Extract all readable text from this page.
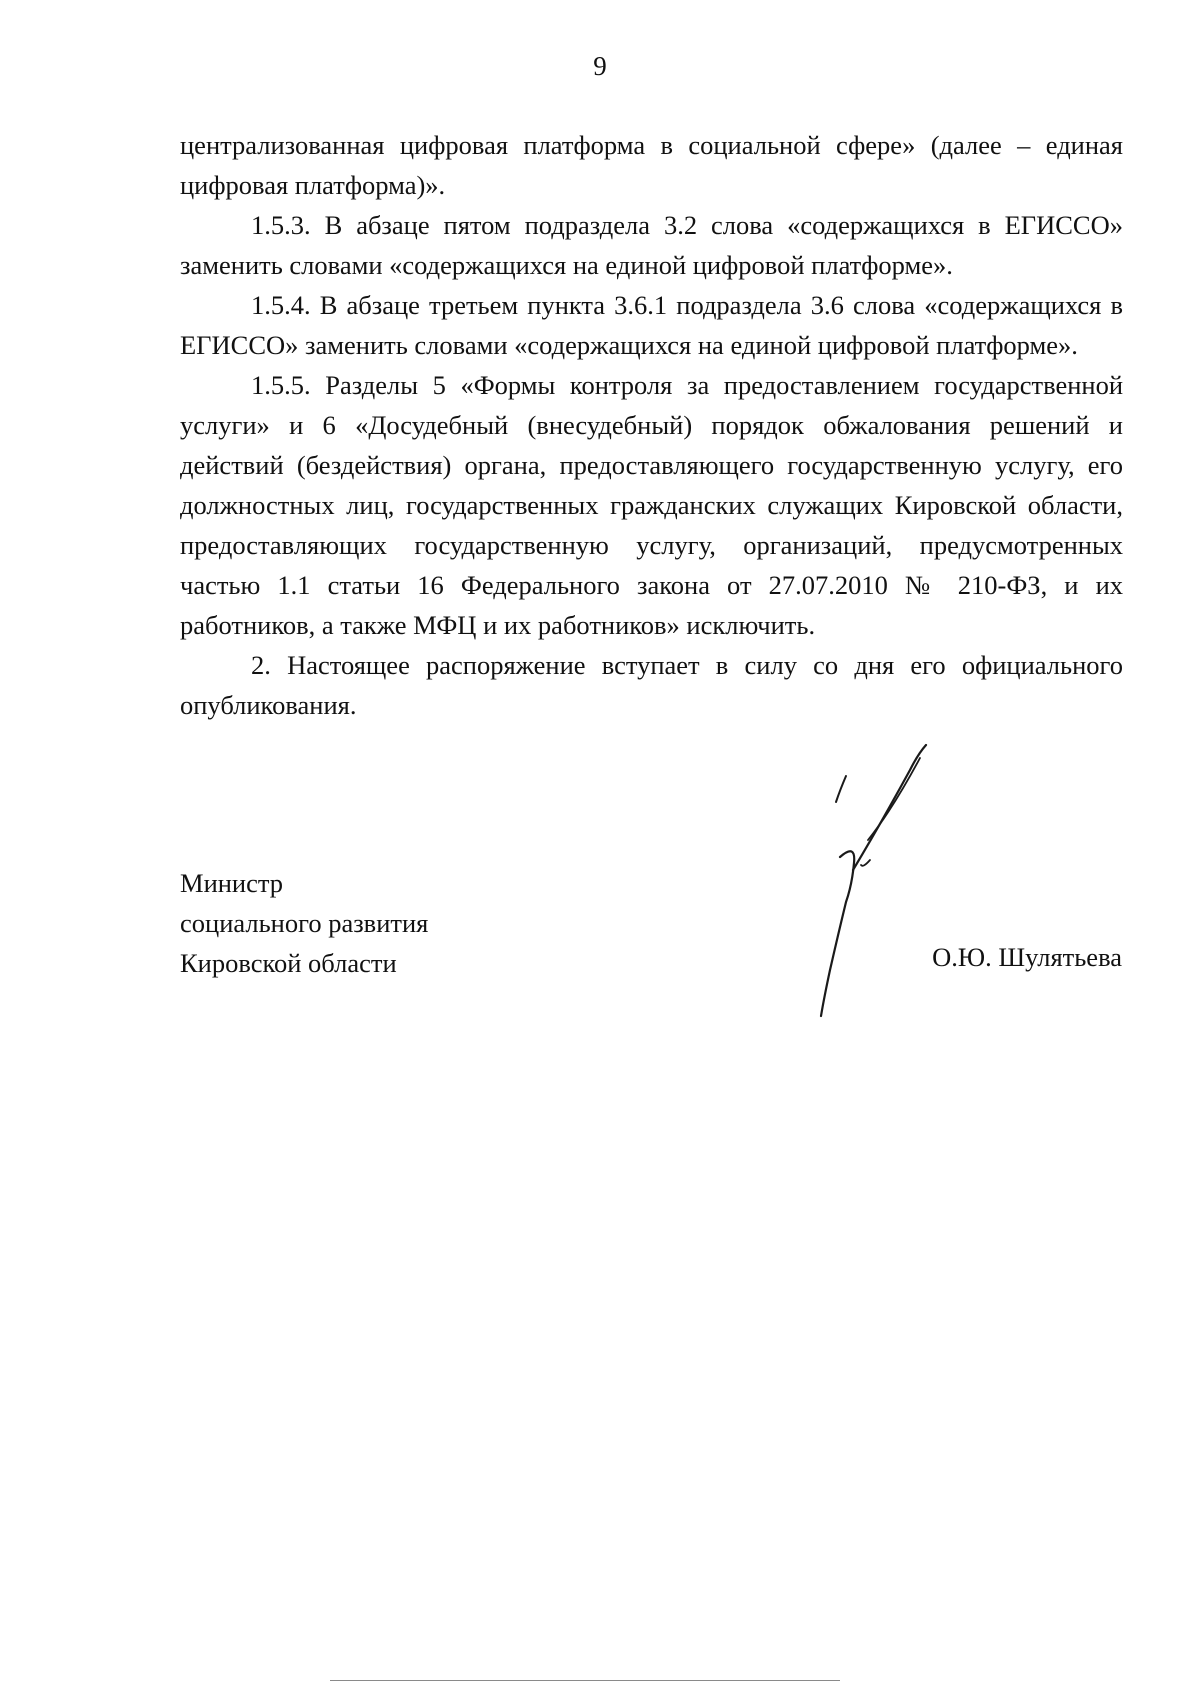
9

централизованная цифровая платформа в социальной сфере» (далее – единая цифровая платформа)».

1.5.3. В абзаце пятом подраздела 3.2 слова «содержащихся в ЕГИССО» заменить словами «содержащихся на единой цифровой платформе».

1.5.4. В абзаце третьем пункта 3.6.1 подраздела 3.6 слова «содержащихся в ЕГИССО» заменить словами «содержащихся на единой цифровой платформе».

1.5.5. Разделы 5 «Формы контроля за предоставлением государственной услуги» и 6 «Досудебный (внесудебный) порядок обжалования решений и действий (бездействия) органа, предоставляющего государственную услугу, его должностных лиц, государственных гражданских служащих Кировской области, предоставляющих государственную услугу, организаций, предусмотренных частью 1.1 статьи 16 Федерального закона от 27.07.2010 № 210-ФЗ, и их работников, а также МФЦ и их работников» исключить.

2. Настоящее распоряжение вступает в силу со дня его официального опубликования.

Министр
социального развития
Кировской области	О.Ю. Шулятьева
